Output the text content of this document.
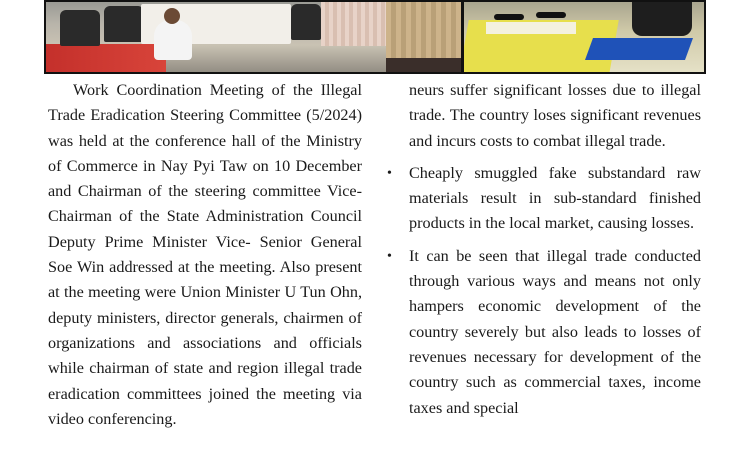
Work Coordination Meeting of the Illegal Trade Eradication Steering Committee (5/2024) was held at the conference hall of the Ministry of Commerce in Nay Pyi Taw on 10 December and Chairman of the steering committee Vice-Chairman of the State Administration Council Deputy Prime Minister Vice- Senior General Soe Win addressed at the meeting. Also present at the meeting were Union Minister U Tun Ohn, deputy ministers, director generals, chairmen of organizations and associations and officials while chairman of state and region illegal trade eradication committees joined the meeting via video conferencing.

neurs suffer significant losses due to illegal trade. The country loses significant revenues and incurs costs to combat illegal trade.

• Cheaply smuggled fake substandard raw materials result in sub-standard finished products in the local market, causing losses.
• It can be seen that illegal trade conducted through various ways and means not only hampers economic development of the country severely but also leads to losses of revenues necessary for development of the country such as commercial taxes, income taxes and special
